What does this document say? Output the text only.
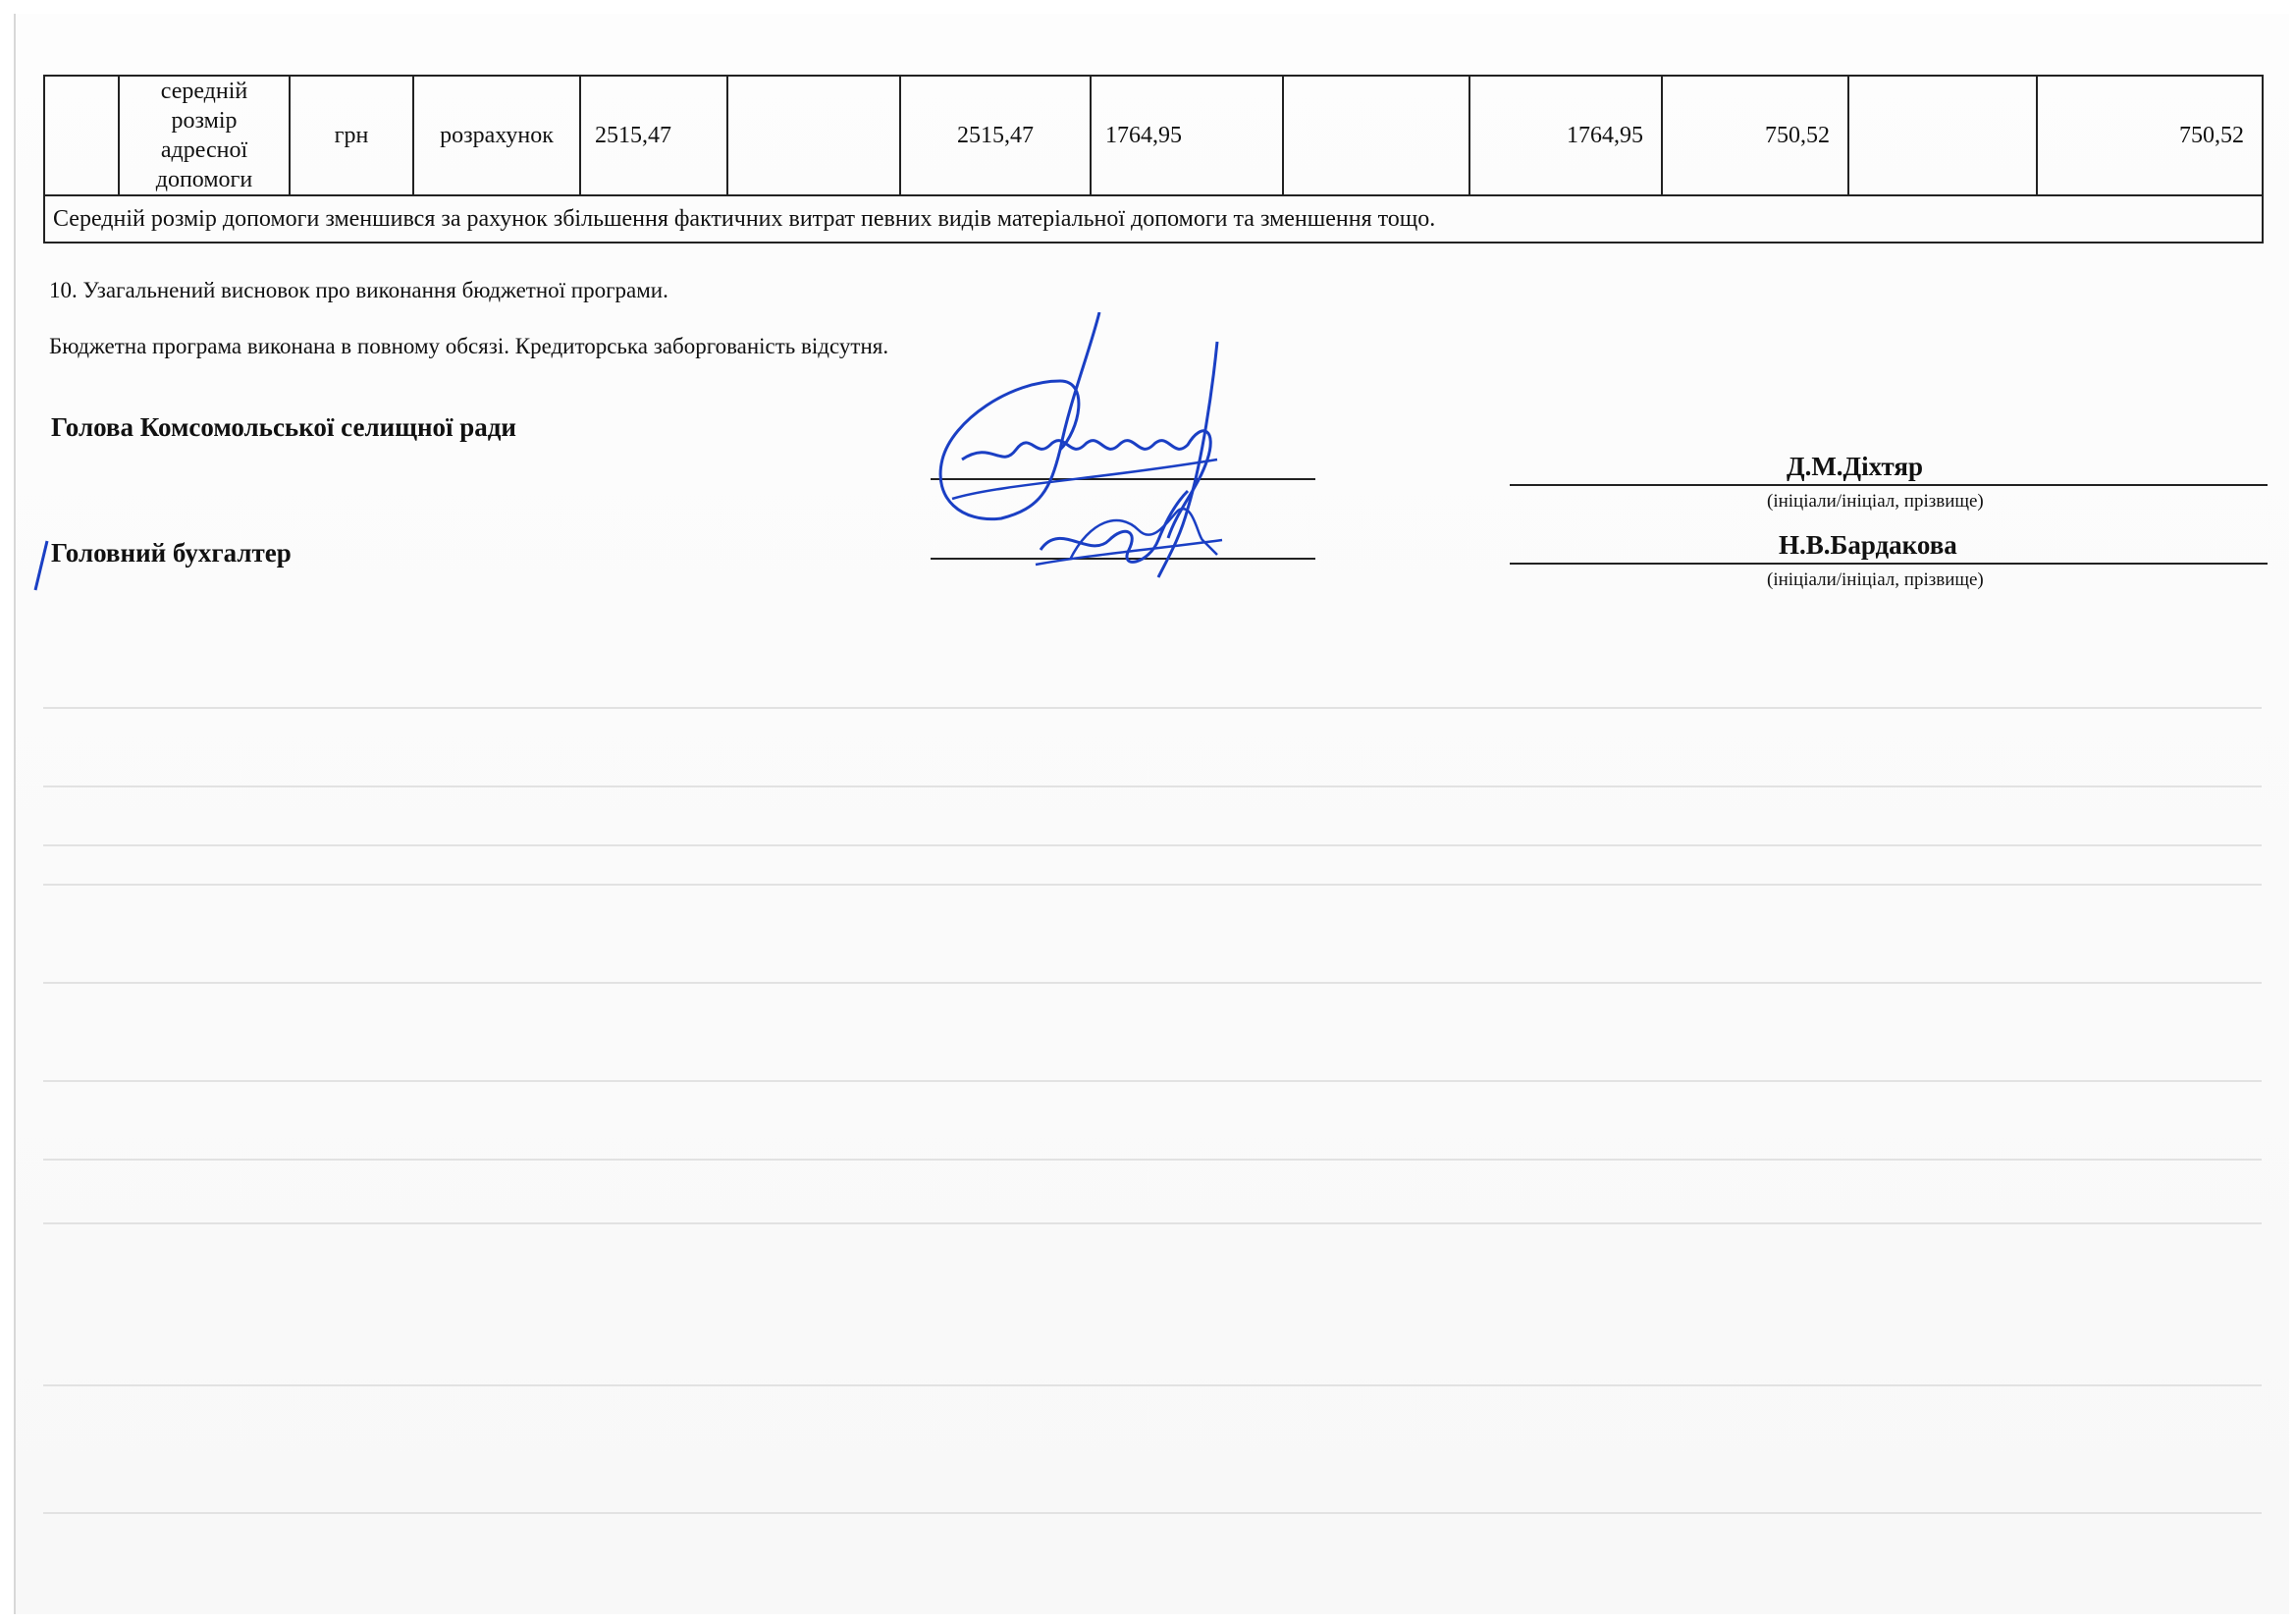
	середній розмір адресної допомоги	грн	розрахунок	2515,47		2515,47	1764,95		1764,95	750,52		750,52
Середній розмір допомоги зменшився за рахунок збільшення фактичних витрат певних видів матеріальної допомоги та зменшення тощо.
10. Узагальнений висновок про виконання бюджетної програми.
Бюджетна програма виконана в повному обсязі. Кредиторська заборгованість відсутня.
Голова Комсомольської селищної ради
Д.М.Діхтяр
(ініціали/ініціал, прізвище)
Головний бухгалтер	Н.В.Бардакова
(ініціали/ініціал, прізвище)
